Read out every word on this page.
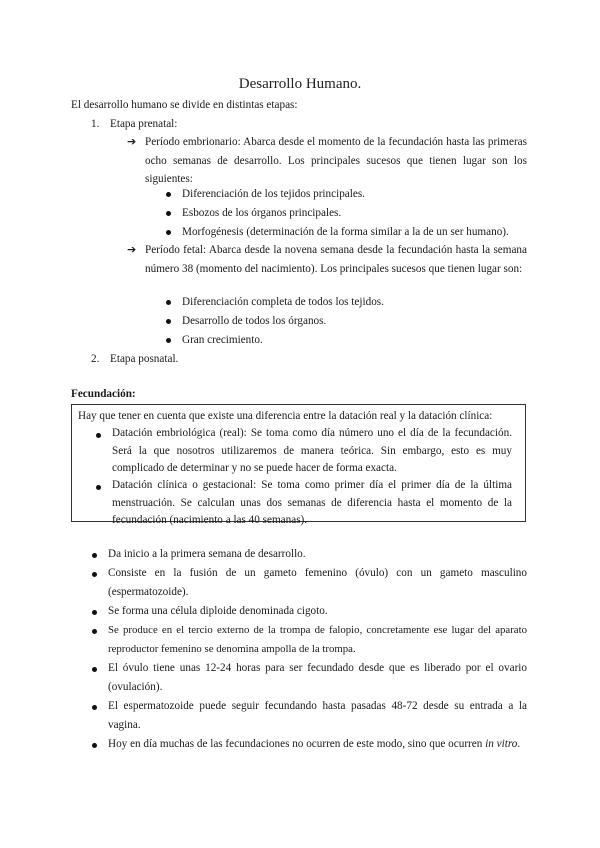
Desarrollo Humano.
El desarrollo humano se divide en distintas etapas:
1. Etapa prenatal:
➔ Período embrionario: Abarca desde el momento de la fecundación hasta las primeras ocho semanas de desarrollo. Los principales sucesos que tienen lugar son los siguientes:
Diferenciación de los tejidos principales.
Esbozos de los órganos principales.
Morfogénesis (determinación de la forma similar a la de un ser humano).
➔ Período fetal: Abarca desde la novena semana desde la fecundación hasta la semana número 38 (momento del nacimiento). Los principales sucesos que tienen lugar son:
Diferenciación completa de todos los tejidos.
Desarrollo de todos los órganos.
Gran crecimiento.
2. Etapa posnatal.
Fecundación:
Hay que tener en cuenta que existe una diferencia entre la datación real y la datación clínica:
Datación embriológica (real): Se toma como día número uno el día de la fecundación. Será la que nosotros utilizaremos de manera teórica. Sin embargo, esto es muy complicado de determinar y no se puede hacer de forma exacta.
Datación clínica o gestacional: Se toma como primer día el primer día de la última menstruación. Se calculan unas dos semanas de diferencia hasta el momento de la fecundación (nacimiento a las 40 semanas).
Da inicio a la primera semana de desarrollo.
Consiste en la fusión de un gameto femenino (óvulo) con un gameto masculino (espermatozoide).
Se forma una célula diploide denominada cigoto.
Se produce en el tercio externo de la trompa de falopio, concretamente ese lugar del aparato reproductor femenino se denomina ampolla de la trompa.
El óvulo tiene unas 12-24 horas para ser fecundado desde que es liberado por el ovario (ovulación).
El espermatozoide puede seguir fecundando hasta pasadas 48-72 desde su entrada a la vagina.
Hoy en día muchas de las fecundaciones no ocurren de este modo, sino que ocurren in vitro.
